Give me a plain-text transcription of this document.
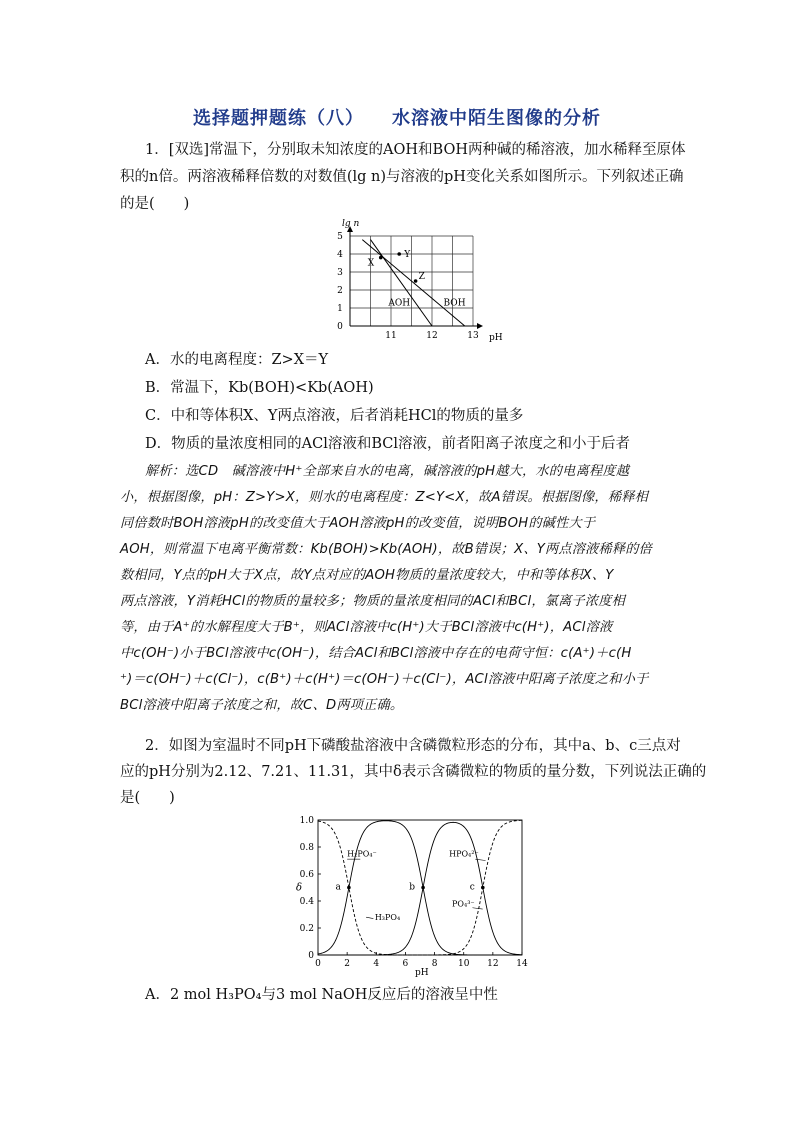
选择题押题练（八） 水溶液中陌生图像的分析
1．[双选]常温下，分别取未知浓度的AOH和BOH两种碱的稀溶液，加水稀释至原体
积的n倍。两溶液稀释倍数的对数值(lg n)与溶液的pH变化关系如图所示。下列叙述正确
的是(　　)
0
1
2
3
4
5
11	12	13 pH
lg n
X
Y
Z
AOH	BOH
A．水的电离程度：Z>X＝Y
B．常温下，Kb(BOH)<Kb(AOH)
C．中和等体积X、Y两点溶液，后者消耗HCl的物质的量多
D．物质的量浓度相同的ACl溶液和BCl溶液，前者阳离子浓度之和小于后者
解析：选CD　碱溶液中H⁺全部来自水的电离，碱溶液的pH越大，水的电离程度越
小，根据图像，pH：Z>Y>X，则水的电离程度：Z<Y<X，故A错误。根据图像，稀释相
同倍数时BOH溶液pH的改变值大于AOH溶液pH的改变值，说明BOH的碱性大于
AOH，则常温下电离平衡常数：Kb(BOH)>Kb(AOH)，故B错误；X、Y两点溶液稀释的倍
数相同，Y点的pH大于X点，故Y点对应的AOH物质的量浓度较大，中和等体积X、Y
两点溶液，Y消耗HCl的物质的量较多；物质的量浓度相同的ACl和BCl，氯离子浓度相
等，由于A⁺的水解程度大于B⁺，则ACl溶液中c(H⁺)大于BCl溶液中c(H⁺)，ACl溶液
中c(OH⁻)小于BCl溶液中c(OH⁻)，结合ACl和BCl溶液中存在的电荷守恒：c(A⁺)＋c(H
⁺)＝c(OH⁻)＋c(Cl⁻)，c(B⁺)＋c(H⁺)＝c(OH⁻)＋c(Cl⁻)，ACl溶液中阳离子浓度之和小于
BCl溶液中阳离子浓度之和，故C、D两项正确。
2．如图为室温时不同pH下磷酸盐溶液中含磷微粒形态的分布，其中a、b、c三点对
应的pH分别为2.12、7.21、11.31，其中δ表示含磷微粒的物质的量分数，下列说法正确的
是(　　)
0
0.2
0.4
0.6
0.8
1.0
0	2	4	6	8 10 12 14
pH
δ
H₃PO₄
H₂PO₄⁻	HPO₄²⁻
PO₄³⁻
a	b	c
A．2 mol H₃PO₄与3 mol NaOH反应后的溶液呈中性
